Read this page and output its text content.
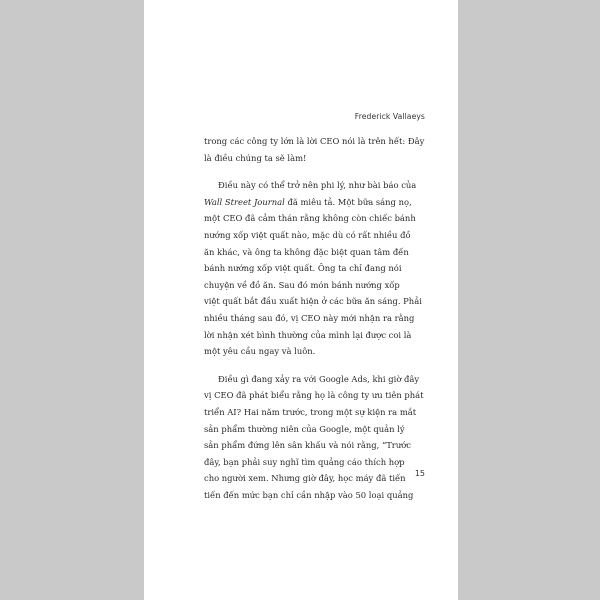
Frederick Vallaeys
trong các công ty lớn là lời CEO nói là trên hết: Đây
là điều chúng ta sẽ làm!
Điều này có thể trở nên phi lý, như bài báo của
Wall Street Journal đã miêu tả. Một bữa sáng nọ,
một CEO đã cảm thán rằng không còn chiếc bánh
nướng xốp việt quất nào, mặc dù có rất nhiều đồ
ăn khác, và ông ta không đặc biệt quan tâm đến
bánh nướng xốp việt quất. Ông ta chỉ đang nói
chuyện về đồ ăn. Sau đó món bánh nướng xốp
việt quất bắt đầu xuất hiện ở các bữa ăn sáng. Phải
nhiều tháng sau đó, vị CEO này mới nhận ra rằng
lời nhận xét bình thường của mình lại được coi là
một yêu cầu ngay và luôn.
Điều gì đang xảy ra với Google Ads, khi giờ đây
vị CEO đã phát biểu rằng họ là công ty ưu tiên phát
triển AI? Hai năm trước, trong một sự kiện ra mắt
sản phẩm thường niên của Google, một quản lý
sản phẩm đứng lên sân khấu và nói rằng, “Trước
đây, bạn phải suy nghĩ tìm quảng cáo thích hợp
cho người xem. Nhưng giờ đây, học máy đã tiến
tiến đến mức bạn chỉ cần nhập vào 50 loại quảng
15
